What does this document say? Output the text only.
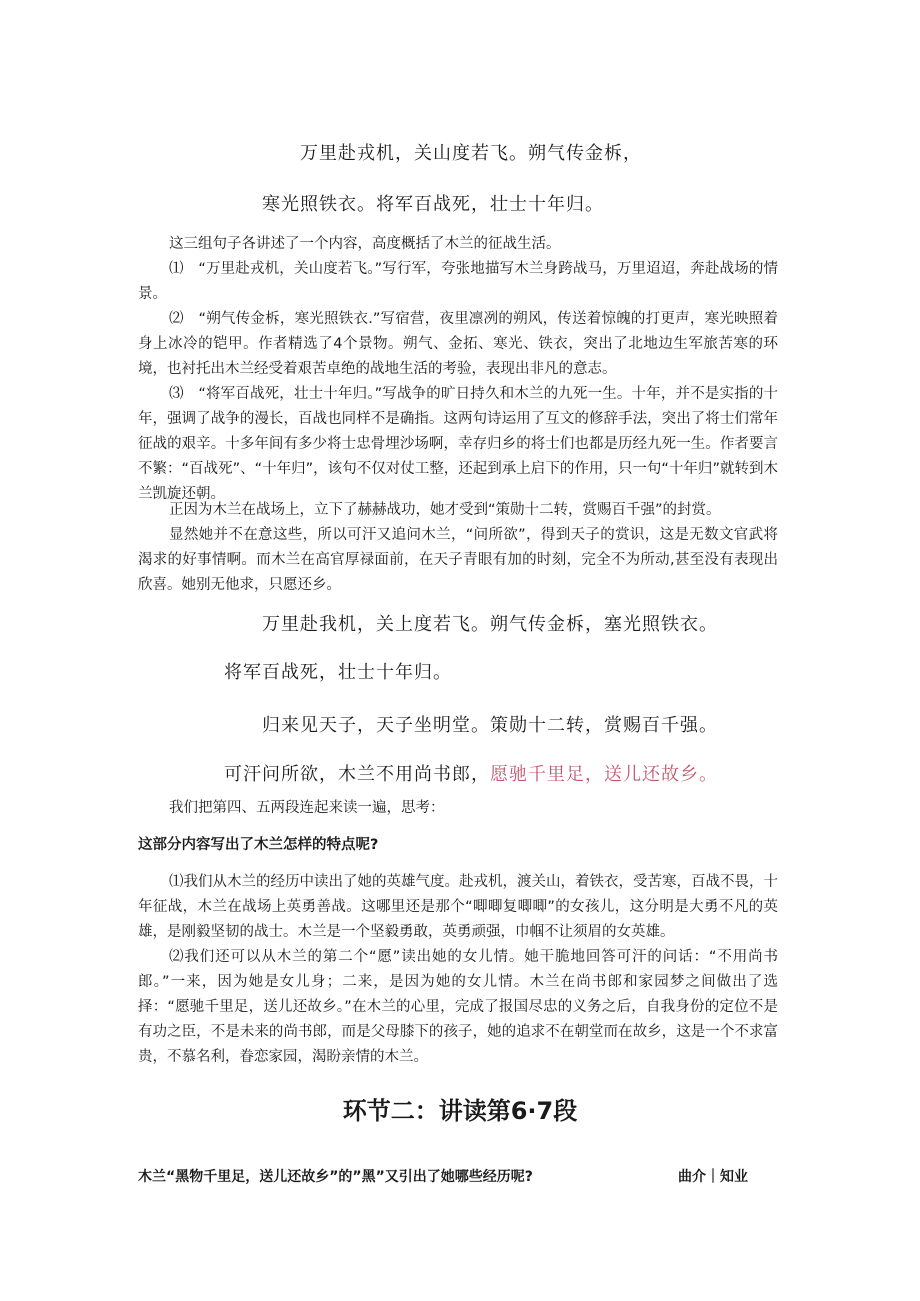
万里赴戎机，关山度若飞。朔气传金柝，
寒光照铁衣。将军百战死，壮士十年归。
这三组句子各讲述了一个内容，高度概括了木兰的征战生活。
⑴　“万里赴戎机，关山度若飞。”写行军，夸张地描写木兰身跨战马，万里迢迢，奔赴战场的情景。
⑵　“朔气传金柝，寒光照铁衣.”写宿营，夜里凛冽的朔风，传送着惊魄的打更声，寒光映照着身上冰冷的铠甲。作者精选了4个景物。朔气、金拓、寒光、铁衣，突出了北地边生军旅苦寒的环境，也衬托出木兰经受着艰苦卓绝的战地生活的考验，表现出非凡的意志。
⑶　“将军百战死，壮士十年归。”写战争的旷日持久和木兰的九死一生。十年，并不是实指的十年，强调了战争的漫长，百战也同样不是确指。这两句诗运用了互文的修辞手法，突出了将士们常年征战的艰辛。十多年间有多少将士忠骨埋沙场啊，幸存归乡的将士们也都是历经九死一生。作者要言不繁：“百战死”、“十年归”，该句不仅对仗工整，还起到承上启下的作用，只一句“十年归”就转到木兰凯旋还朝。
正因为木兰在战场上，立下了赫赫战功，她才受到“策勋十二转，赏赐百千强”的封赏。
显然她并不在意这些，所以可汗又追问木兰，“问所欲”，得到天子的赏识，这是无数文官武将渴求的好事情啊。而木兰在高官厚禄面前，在天子青眼有加的时刻，完全不为所动,甚至没有表现出欣喜。她别无他求，只愿还乡。
万里赴我机，关上度若飞。朔气传金柝，塞光照铁衣。
将军百战死，壮士十年归。
归来见天子，天子坐明堂。策勋十二转，赏赐百千强。
可汗问所欲，木兰不用尚书郎，愿驰千里足，送儿还故乡。
我们把第四、五两段连起来读一遍，思考：
这部分内容写出了木兰怎样的特点呢?
⑴我们从木兰的经历中读出了她的英雄气度。赴戎机，渡关山，着铁衣，受苦寒，百战不畏，十年征战，木兰在战场上英勇善战。这哪里还是那个“唧唧复唧唧”的女孩儿，这分明是大勇不凡的英雄，是刚毅坚韧的战士。木兰是一个坚毅勇敢，英勇顽强，巾帼不让须眉的女英雄。
⑵我们还可以从木兰的第二个“愿”读出她的女儿情。她干脆地回答可汗的问话：“不用尚书郎。”一来，因为她是女儿身；二来，是因为她的女儿情。木兰在尚书郎和家园梦之间做出了选择：“愿驰千里足，送儿还故乡。”在木兰的心里，完成了报国尽忠的义务之后，自我身份的定位不是有功之臣，不是未来的尚书郎，而是父母膝下的孩子，她的追求不在朝堂而在故乡，这是一个不求富贵，不慕名利，眷恋家园，渴盼亲情的木兰。
环节二：讲读第6·7段
木兰“黑物千里足，送儿还故乡”的”黑”又引出了她哪些经历呢?	曲介｜知业
